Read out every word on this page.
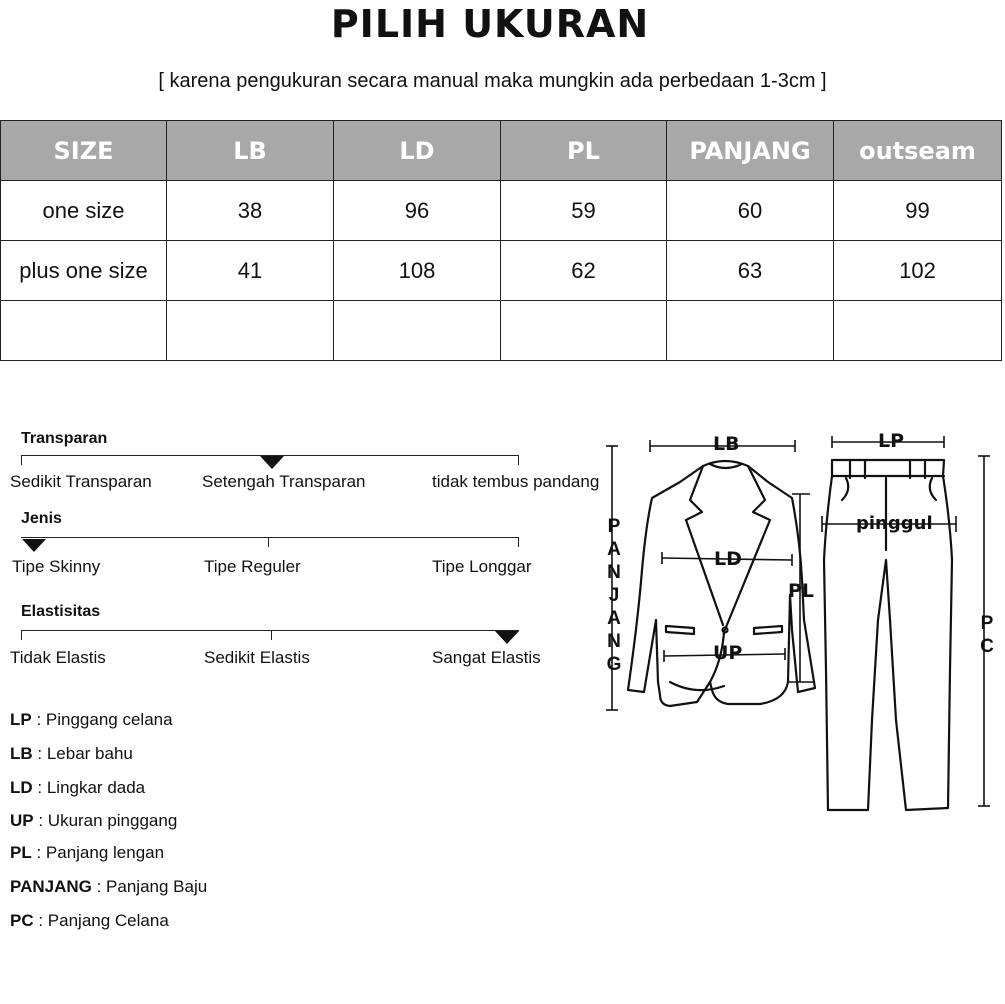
PILIH UKURAN
[ karena pengukuran secara manual maka mungkin ada perbedaan 1-3cm ]
SIZE	LB	LD	PL	PANJANG	outseam
one size	38	96	59	60	99
plus one size	41	108	62	63	102

Transparan
Sedikit Transparan	Setengah Transparan	tidak tembus pandang
Jenis
Tipe Skinny	Tipe Reguler	Tipe Longgar
Elastisitas
Tidak Elastis	Sedikit Elastis	Sangat Elastis
LP : Pinggang celana
LB : Lebar bahu
LD : Lingkar dada
UP : Ukuran pinggang
PL : Panjang lengan
PANJANG : Panjang Baju
PC : Panjang Celana
LB	LP
LD
PL
UP
pinggul
P
A
N
J
A
N
G
P
C
